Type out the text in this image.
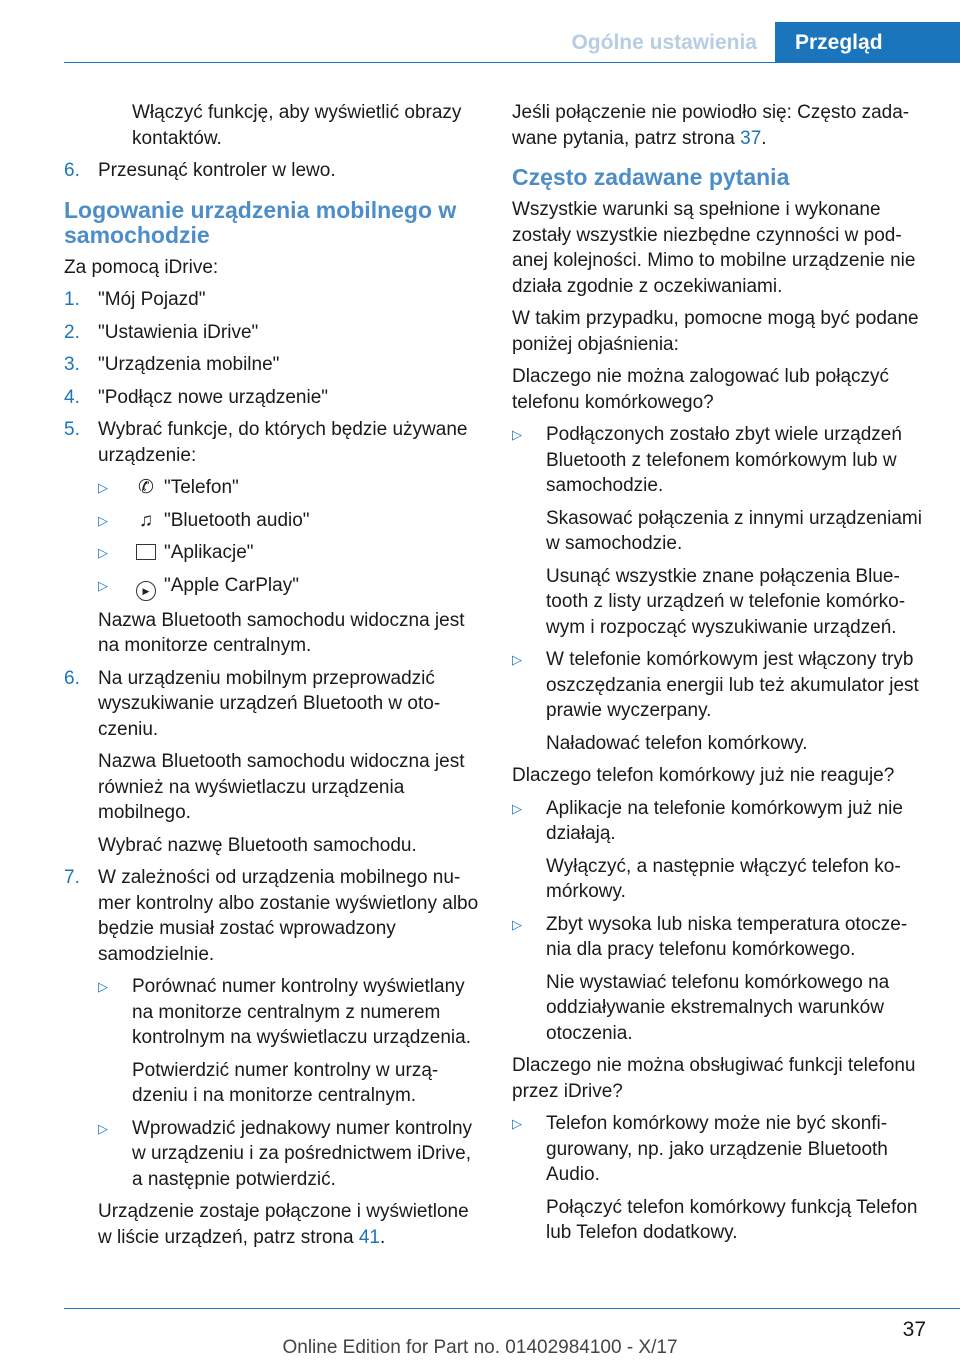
Ogólne ustawienia	Przegląd

Włączyć funkcję, aby wyświetlić obrazy kontaktów.

6. Przesunąć kontroler w lewo.
Logowanie urządzenia mobilnego w samochodzie

Za pomocą iDrive:

1. "Mój Pojazd"
2. "Ustawienia iDrive"
3. "Urządzenia mobilne"
4. "Podłącz nowe urządzenie"
5. Wybrać funkcje, do których będzie używane urządzenie:
▷	✆ "Telefon"
▷	♫ "Bluetooth audio"
▷	"Aplikacje"
▷	▶ "Apple CarPlay"

Nazwa Bluetooth samochodu widoczna jest na monitorze centralnym.

6. Na urządzeniu mobilnym przeprowadzić wyszukiwanie urządzeń Bluetooth w otoczeniu.

Nazwa Bluetooth samochodu widoczna jest również na wyświetlaczu urządzenia mobilnego.

Wybrać nazwę Bluetooth samochodu.

7. W zależności od urządzenia mobilnego numer kontrolny albo zostanie wyświetlony albo będzie musiał zostać wprowadzony samodzielnie.
▷	Porównać numer kontrolny wyświetlany na monitorze centralnym z numerem kontrolnym na wyświetlaczu urządzenia.

Potwierdzić numer kontrolny w urządzeniu i na monitorze centralnym.

▷	Wprowadzić jednakowy numer kontrolny w urządzeniu i za pośrednictwem iDrive, a następnie potwierdzić.

Urządzenie zostaje połączone i wyświetlone w liście urządzeń, patrz strona 41.

Jeśli połączenie nie powiodło się: Często zadawane pytania, patrz strona 37.

Często zadawane pytania

Wszystkie warunki są spełnione i wykonane zostały wszystkie niezbędne czynności w podanej kolejności. Mimo to mobilne urządzenie nie działa zgodnie z oczekiwaniami.

W takim przypadku, pomocne mogą być podane poniżej objaśnienia:

Dlaczego nie można zalogować lub połączyć telefonu komórkowego?

▷	Podłączonych zostało zbyt wiele urządzeń Bluetooth z telefonem komórkowym lub w samochodzie.

Skasować połączenia z innymi urządzeniami w samochodzie.

Usunąć wszystkie znane połączenia Bluetooth z listy urządzeń w telefonie komórkowym i rozpocząć wyszukiwanie urządzeń.

▷	W telefonie komórkowym jest włączony tryb oszczędzania energii lub też akumulator jest prawie wyczerpany.

Naładować telefon komórkowy.

Dlaczego telefon komórkowy już nie reaguje?

▷	Aplikacje na telefonie komórkowym już nie działają.

Wyłączyć, a następnie włączyć telefon komórkowy.

▷	Zbyt wysoka lub niska temperatura otoczenia dla pracy telefonu komórkowego.

Nie wystawiać telefonu komórkowego na oddziaływanie ekstremalnych warunków otoczenia.

Dlaczego nie można obsługiwać funkcji telefonu przez iDrive?

▷	Telefon komórkowy może nie być skonfigurowany, np. jako urządzenie Bluetooth Audio.

Połączyć telefon komórkowy funkcją Telefon lub Telefon dodatkowy.

37
Online Edition for Part no. 01402984100 - X/17
